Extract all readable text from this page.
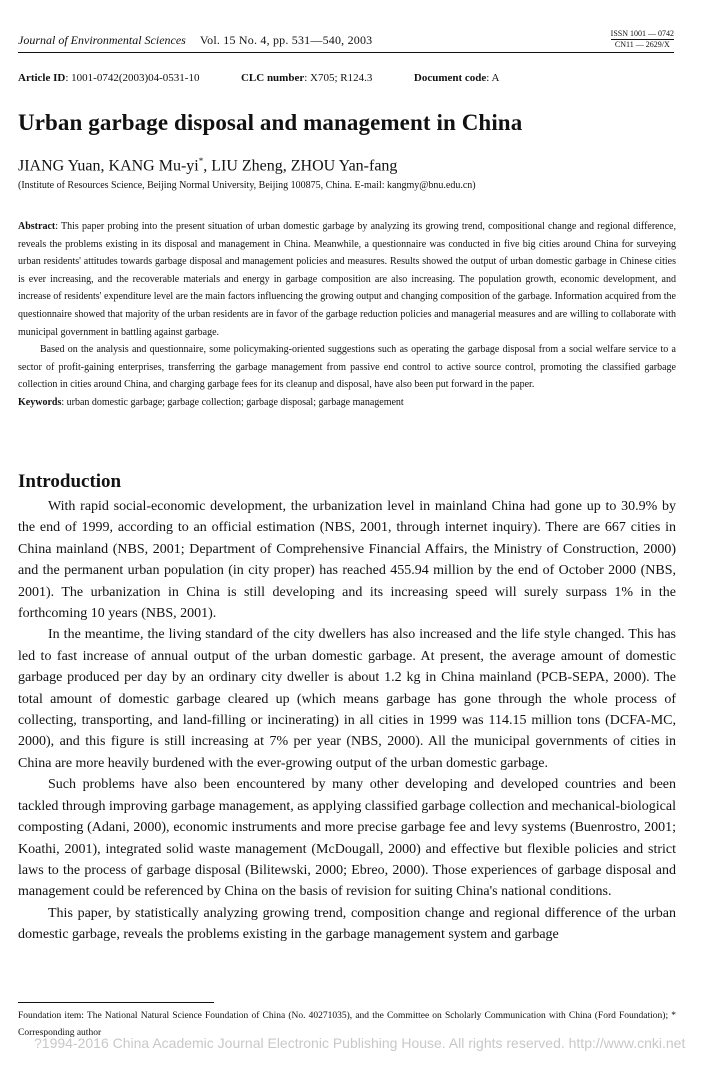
Journal of Environmental Sciences Vol. 15 No. 4, pp. 531—540, 2003	ISSN 1001 — 0742
CN11 — 2629/X
Article ID: 1001-0742(2003)04-0531-10	CLC number: X705; R124.3	Document code: A
Urban garbage disposal and management in China
JIANG Yuan, KANG Mu-yi*, LIU Zheng, ZHOU Yan-fang
(Institute of Resources Science, Beijing Normal University, Beijing 100875, China. E-mail: kangmy@bnu.edu.cn)

Abstract: This paper probing into the present situation of urban domestic garbage by analyzing its growing trend, compositional change and regional difference, reveals the problems existing in its disposal and management in China. Meanwhile, a questionnaire was conducted in five big cities around China for surveying urban residents' attitudes towards garbage disposal and management policies and measures. Results showed the output of urban domestic garbage in Chinese cities is ever increasing, and the recoverable materials and energy in garbage composition are also increasing. The population growth, economic development, and increase of residents' expenditure level are the main factors influencing the growing output and changing composition of the garbage. Information acquired from the questionnaire showed that majority of the urban residents are in favor of the garbage reduction policies and managerial measures and are willing to collaborate with municipal government in battling against garbage.

Based on the analysis and questionnaire, some policymaking-oriented suggestions such as operating the garbage disposal from a social welfare service to a sector of profit-gaining enterprises, transferring the garbage management from passive end control to active source control, promoting the classified garbage collection in cities around China, and charging garbage fees for its cleanup and disposal, have also been put forward in the paper.

Keywords: urban domestic garbage; garbage collection; garbage disposal; garbage management

Introduction

With rapid social-economic development, the urbanization level in mainland China had gone up to 30.9% by the end of 1999, according to an official estimation (NBS, 2001, through internet inquiry). There are 667 cities in China mainland (NBS, 2001; Department of Comprehensive Financial Affairs, the Ministry of Construction, 2000) and the permanent urban population (in city proper) has reached 455.94 million by the end of October 2000 (NBS, 2001). The urbanization in China is still developing and its increasing speed will surely surpass 1% in the forthcoming 10 years (NBS, 2001).

In the meantime, the living standard of the city dwellers has also increased and the life style changed. This has led to fast increase of annual output of the urban domestic garbage. At present, the average amount of domestic garbage produced per day by an ordinary city dweller is about 1.2 kg in China mainland (PCB-SEPA, 2000). The total amount of domestic garbage cleared up (which means garbage has gone through the whole process of collecting, transporting, and land-filling or incinerating) in all cities in 1999 was 114.15 million tons (DCFA-MC, 2000), and this figure is still increasing at 7% per year (NBS, 2000). All the municipal governments of cities in China are more heavily burdened with the ever-growing output of the urban domestic garbage.

Such problems have also been encountered by many other developing and developed countries and been tackled through improving garbage management, as applying classified garbage collection and mechanical-biological composting (Adani, 2000), economic instruments and more precise garbage fee and levy systems (Buenrostro, 2001; Koathi, 2001), integrated solid waste management (McDougall, 2000) and effective but flexible policies and strict laws to the process of garbage disposal (Bilitewski, 2000; Ebreo, 2000). Those experiences of garbage disposal and management could be referenced by China on the basis of revision for suiting China's national conditions.

This paper, by statistically analyzing growing trend, composition change and regional difference of the urban domestic garbage, reveals the problems existing in the garbage management system and garbage

Foundation item: The National Natural Science Foundation of China (No. 40271035), and the Committee on Scholarly Communication with China (Ford Foundation); * Corresponding author
?1994-2016 China Academic Journal Electronic Publishing House. All rights reserved. http://www.cnki.net
